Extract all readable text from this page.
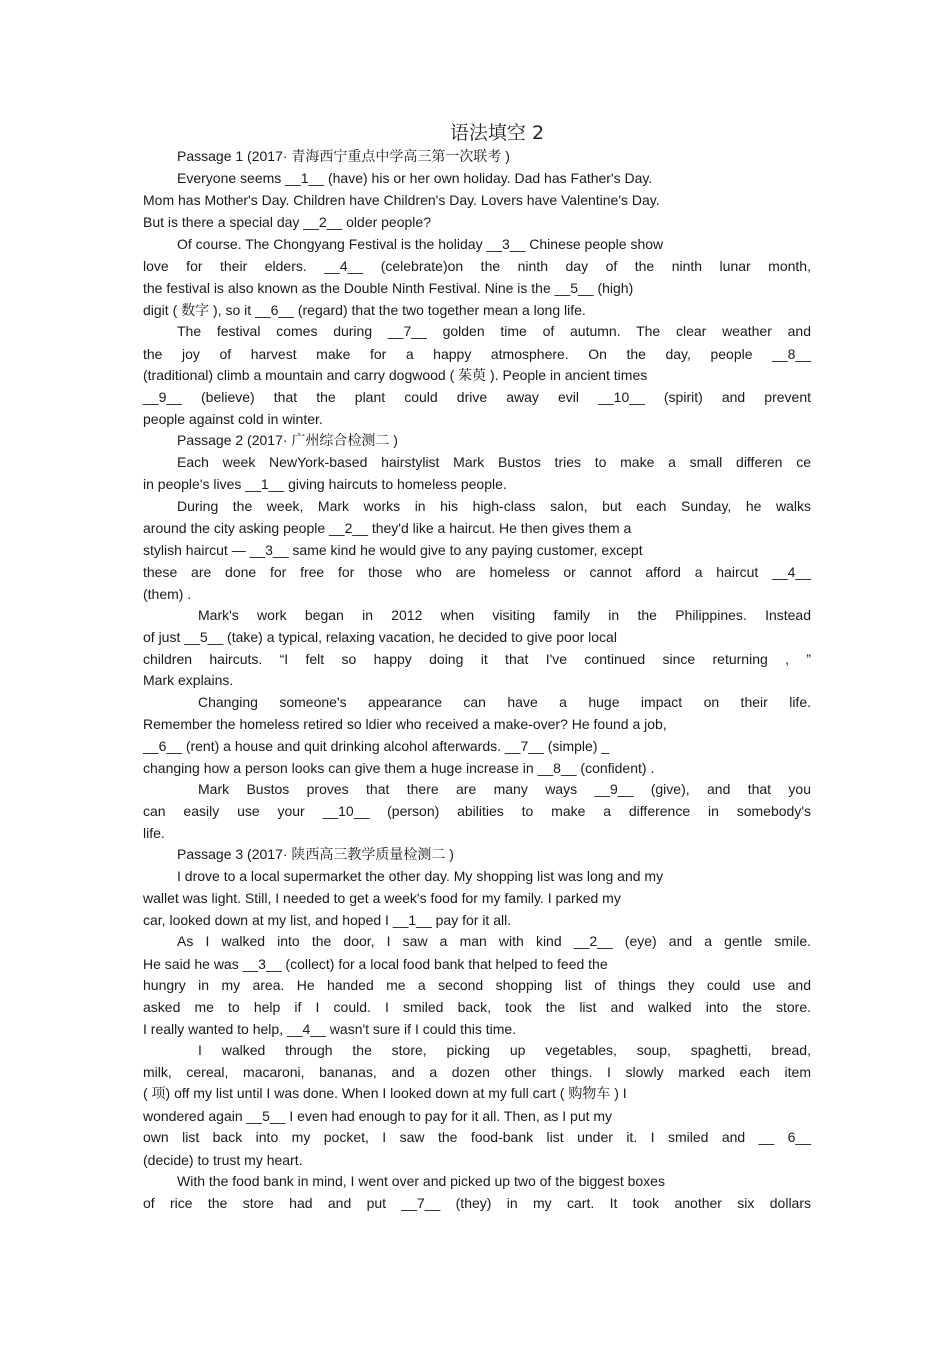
语法填空 2
Passage 1 (2017· 青海西宁重点中学高三第一次联考 )
Everyone seems __1__ (have) his or her own holiday. Dad has Father's Day.
Mom has Mother's Day. Children have Children's Day. Lovers have Valentine's Day.
But is there a special day __2__ older people?
Of course. The Chongyang Festival is the holiday __3__ Chinese people show
love for their elders. __4__ (celebrate)on the ninth day of the ninth lunar month,
the festival is also known as the Double Ninth Festival. Nine is the __5__ (high)
digit ( 数字 ), so it __6__ (regard) that the two together mean a long life.
The festival comes during __7__ golden time of autumn. The clear weather and
the joy of harvest make for a happy atmosphere. On the day, people __8__
(traditional) climb a mountain and carry dogwood ( 茱萸 ). People in ancient times
__9__ (believe) that the plant could drive away evil __10__ (spirit) and prevent
people against cold in winter.
Passage 2 (2017· 广州综合检测二 )
Each week NewYork-based hairstylist Mark Bustos tries to make a small differen ce
in people's lives __1__ giving haircuts to homeless people.
During the week, Mark works in his high-class salon, but each Sunday, he walks
around the city asking people __2__ they'd like a haircut. He then gives them a
stylish haircut — __3__ same kind he would give to any paying customer, except
these are done for free for those who are homeless or cannot afford a haircut __4__
(them) .
Mark's work began in 2012 when visiting family in the Philippines. Instead
of just __5__ (take) a typical, relaxing vacation, he decided to give poor local
children haircuts. “I felt so happy doing it that I've continued since returning , ”
Mark explains.
Changing someone's appearance can have a huge impact on their life.
Remember the homeless retired so ldier who received a make-over? He found a job,
__6__ (rent) a house and quit drinking alcohol afterwards. __7__ (simple) _
changing how a person looks can give them a huge increase in __8__ (confident) .
Mark Bustos proves that there are many ways __9__ (give), and that you
can easily use your __10__ (person) abilities to make a difference in somebody's
life.
Passage 3 (2017· 陕西高三教学质量检测二 )
I drove to a local supermarket the other day. My shopping list was long and my
wallet was light. Still, I needed to get a week's food for my family. I parked my
car, looked down at my list, and hoped I __1__ pay for it all.
As I walked into the door, I saw a man with kind __2__ (eye) and a gentle smile.
He said he was __3__ (collect) for a local food bank that helped to feed the
hungry in my area. He handed me a second shopping list of things they could use and
asked me to help if I could. I smiled back, took the list and walked into the store.
I really wanted to help, __4__ wasn't sure if I could this time.
I walked through the store, picking up vegetables, soup, spaghetti, bread,
milk, cereal, macaroni, bananas, and a dozen other things. I slowly marked each item
( 项) off my list until I was done. When I looked down at my full cart ( 购物车 ) I
wondered again __5__ I even had enough to pay for it all. Then, as I put my
own list back into my pocket, I saw the food-bank list under it. I smiled and __ 6__
(decide) to trust my heart.
With the food bank in mind, I went over and picked up two of the biggest boxes
of rice the store had and put __7__ (they) in my cart. It took another six dollars
